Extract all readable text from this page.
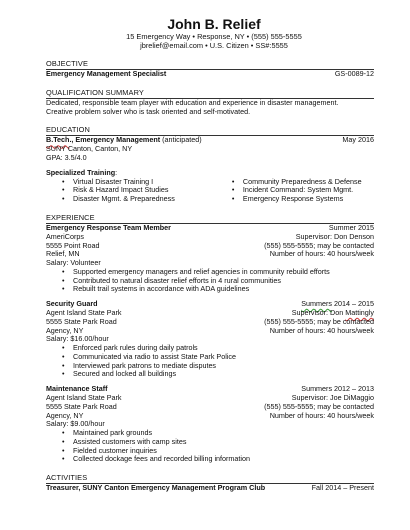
John B. Relief
15 Emergency Way • Response, NY • (555) 555-5555
jbrelief@email.com • U.S. Citizen • SS#:5555
OBJECTIVE
Emergency Management Specialist	GS-0089-12
QUALIFICATION SUMMARY
Dedicated, responsible team player with education and experience in disaster management.
Creative problem solver who is task oriented and self-motivated.
EDUCATION
B.Tech., Emergency Management (anticipated)	May 2016
SUNY Canton, Canton, NY
GPA: 3.5/4.0
Specialized Training:
• Virtual Disaster Training I
• Risk & Hazard Impact Studies
• Disaster Mgmt. & Preparedness
• Community Preparedness & Defense
• Incident Command: System Mgmt.
• Emergency Response Systems
EXPERIENCE
Emergency Response Team Member	Summer 2015
AmeriCorps	Supervisor: Don Denson
5555 Point Road	(555) 555-5555; may be contacted
Relief, MN	Number of hours: 40 hours/week
Salary: Volunteer
• Supported emergency managers and relief agencies in community rebuild efforts
• Contributed to natural disaster relief efforts in 4 rural communities
• Rebuilt trail systems in accordance with ADA guidelines
Security Guard	Summers 2014 – 2015
Agent Island State Park	Supervisor: Don Mattingly
5555 State Park Road	(555) 555-5555; may be contacted
Agency, NY	Number of hours: 40 hours/week
Salary: $16.00/hour
• Enforced park rules during daily patrols
• Communicated via radio to assist State Park Police
• Interviewed park patrons to mediate disputes
• Secured and locked all buildings
Maintenance Staff	Summers 2012 – 2013
Agent Island State Park	Supervisor: Joe DiMaggio
5555 State Park Road	(555) 555-5555; may be contacted
Agency, NY	Number of hours: 40 hours/week
Salary: $9.00/hour
• Maintained park grounds
• Assisted customers with camp sites
• Fielded customer inquiries
• Collected dockage fees and recorded billing information
ACTIVITIES
Treasurer, SUNY Canton Emergency Management Program Club	Fall 2014 – Present
